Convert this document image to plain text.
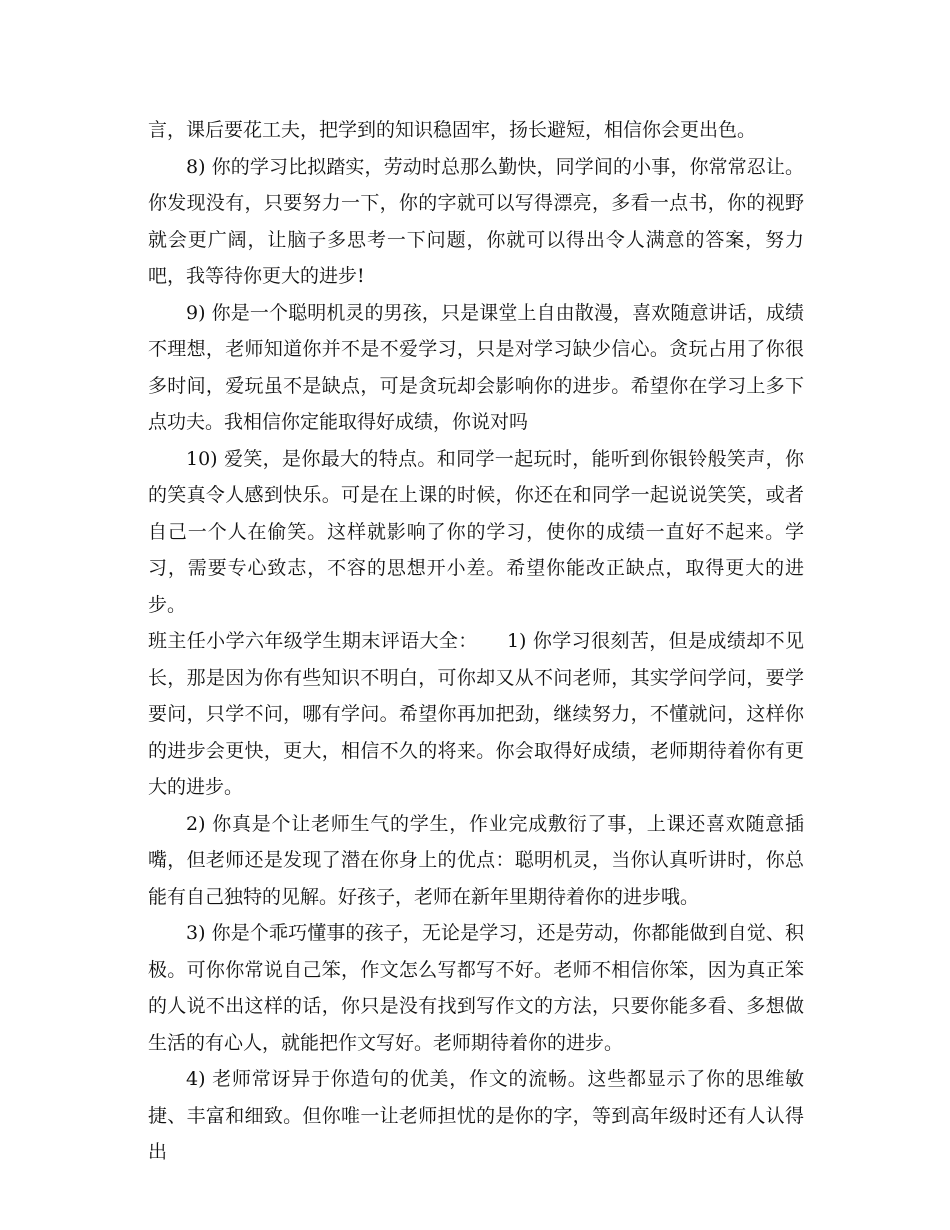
言，课后要花工夫，把学到的知识稳固牢，扬长避短，相信你会更出色。

8) 你的学习比拟踏实，劳动时总那么勤快，同学间的小事，你常常忍让。你发现没有，只要努力一下，你的字就可以写得漂亮，多看一点书，你的视野就会更广阔，让脑子多思考一下问题，你就可以得出令人满意的答案，努力吧，我等待你更大的进步!

9) 你是一个聪明机灵的男孩，只是课堂上自由散漫，喜欢随意讲话，成绩不理想，老师知道你并不是不爱学习，只是对学习缺少信心。贪玩占用了你很多时间，爱玩虽不是缺点，可是贪玩却会影响你的进步。希望你在学习上多下点功夫。我相信你定能取得好成绩，你说对吗

10) 爱笑，是你最大的特点。和同学一起玩时，能听到你银铃般笑声，你的笑真令人感到快乐。可是在上课的时候，你还在和同学一起说说笑笑，或者自己一个人在偷笑。这样就影响了你的学习，使你的成绩一直好不起来。学习，需要专心致志，不容的思想开小差。希望你能改正缺点，取得更大的进步。

班主任小学六年级学生期末评语大全：　　1) 你学习很刻苦，但是成绩却不见长，那是因为你有些知识不明白，可你却又从不问老师，其实学问学问，要学要问，只学不问，哪有学问。希望你再加把劲，继续努力，不懂就问，这样你的进步会更快，更大，相信不久的将来。你会取得好成绩，老师期待着你有更大的进步。

2) 你真是个让老师生气的学生，作业完成敷衍了事，上课还喜欢随意插嘴，但老师还是发现了潜在你身上的优点：聪明机灵，当你认真听讲时，你总能有自己独特的见解。好孩子，老师在新年里期待着你的进步哦。

3) 你是个乖巧懂事的孩子，无论是学习，还是劳动，你都能做到自觉、积极。可你你常说自己笨，作文怎么写都写不好。老师不相信你笨，因为真正笨的人说不出这样的话，你只是没有找到写作文的方法，只要你能多看、多想做生活的有心人，就能把作文写好。老师期待着你的进步。

4) 老师常讶异于你造句的优美，作文的流畅。这些都显示了你的思维敏捷、丰富和细致。但你唯一让老师担忧的是你的字，等到高年级时还有人认得出
